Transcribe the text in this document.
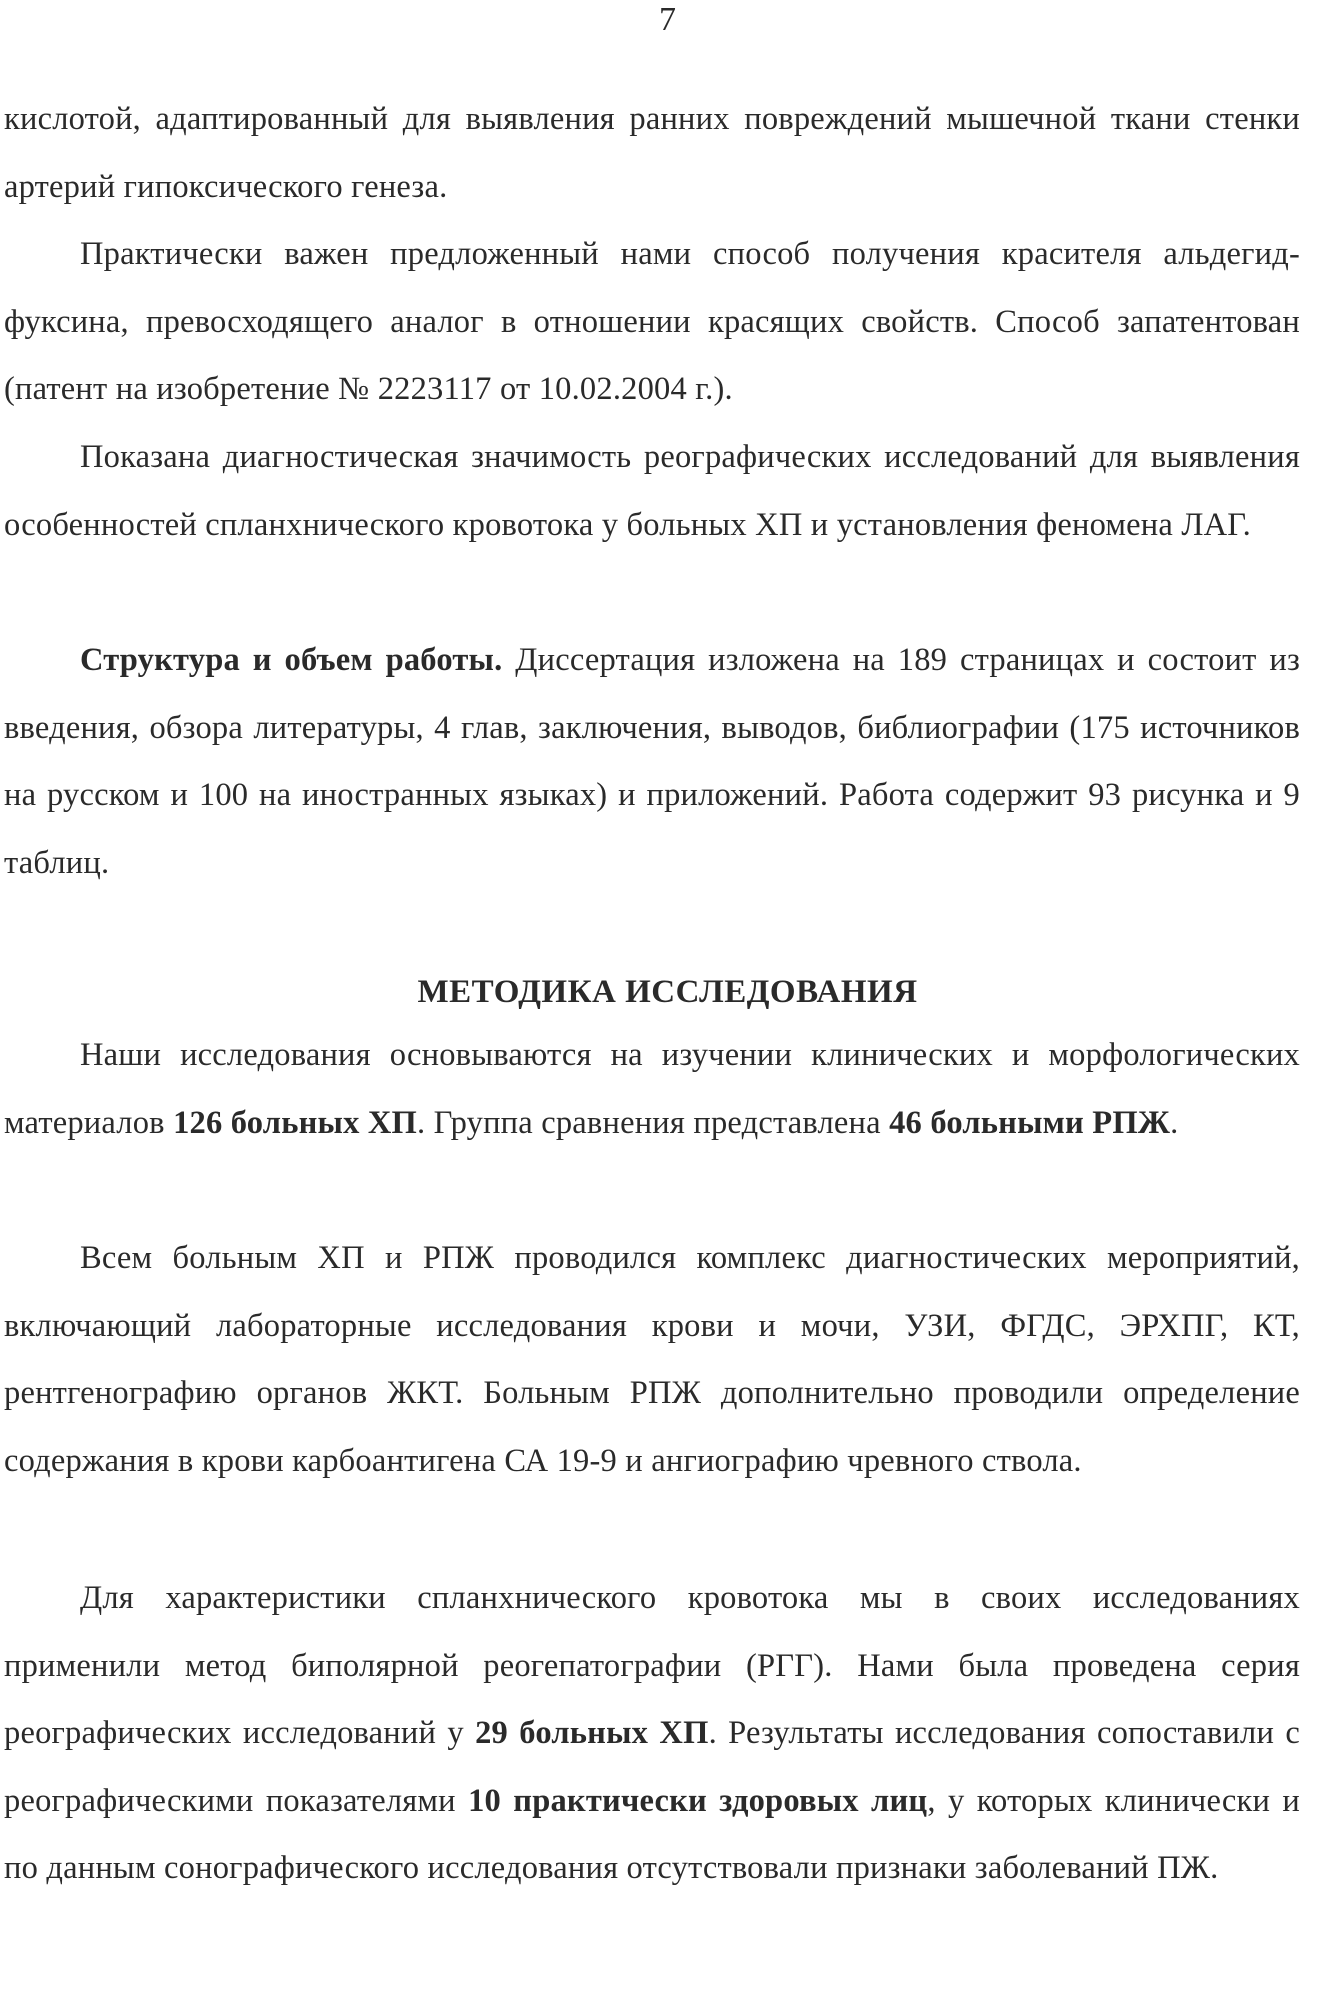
7
кислотой, адаптированный для выявления ранних повреждений мышечной ткани стенки артерий гипоксического генеза.
Практически важен предложенный нами способ получения красителя альдегид-фуксина, превосходящего аналог в отношении красящих свойств. Способ запатентован (патент на изобретение № 2223117 от 10.02.2004 г.).
Показана диагностическая значимость реографических исследований для выявления особенностей спланхнического кровотока у больных ХП и установления феномена ЛАГ.
Структура и объем работы. Диссертация изложена на 189 страницах и состоит из введения, обзора литературы, 4 глав, заключения, выводов, библиографии (175 источников на русском и 100 на иностранных языках) и приложений. Работа содержит 93 рисунка и 9 таблиц.
МЕТОДИКА ИССЛЕДОВАНИЯ
Наши исследования основываются на изучении клинических и морфологических материалов 126 больных ХП. Группа сравнения представлена 46 больными РПЖ.
Всем больным ХП и РПЖ проводился комплекс диагностических мероприятий, включающий лабораторные исследования крови и мочи, УЗИ, ФГДС, ЭРХПГ, КТ, рентгенографию органов ЖКТ. Больным РПЖ дополнительно проводили определение содержания в крови карбоантигена СА 19-9 и ангиографию чревного ствола.
Для характеристики спланхнического кровотока мы в своих исследованиях применили метод биполярной реогепатографии (РГГ). Нами была проведена серия реографических исследований у 29 больных ХП. Результаты исследования сопоставили с реографическими показателями 10 практически здоровых лиц, у которых клинически и по данным сонографического исследования отсутствовали признаки заболеваний ПЖ.
